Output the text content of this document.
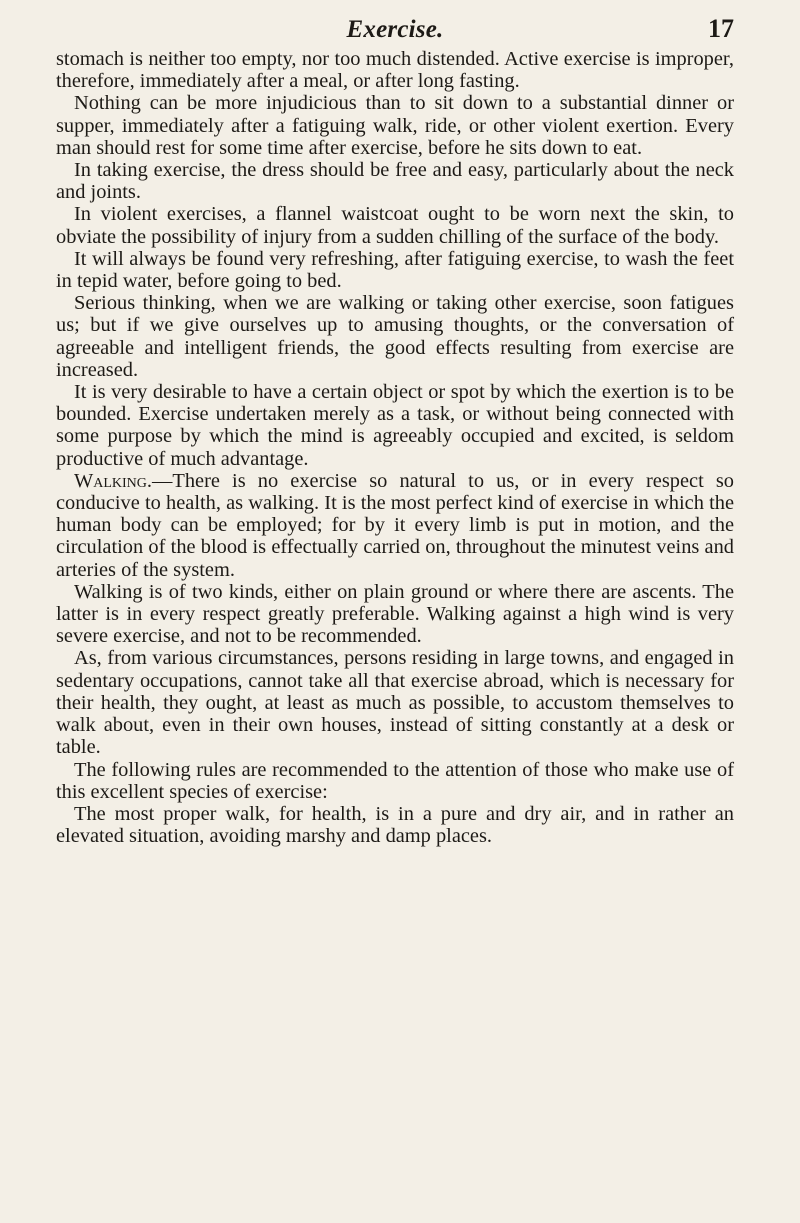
Exercise.	17

stomach is neither too empty, nor too much distended. Active exercise is improper, therefore, immediately after a meal, or after long fasting.

Nothing can be more injudicious than to sit down to a substantial dinner or supper, immediately after a fatiguing walk, ride, or other violent exertion. Every man should rest for some time after exercise, before he sits down to eat.

In taking exercise, the dress should be free and easy, particularly about the neck and joints.

In violent exercises, a flannel waistcoat ought to be worn next the skin, to obviate the possibility of injury from a sudden chilling of the surface of the body.

It will always be found very refreshing, after fatiguing exercise, to wash the feet in tepid water, before going to bed.

Serious thinking, when we are walking or taking other exercise, soon fatigues us; but if we give ourselves up to amusing thoughts, or the conversation of agreeable and intelligent friends, the good effects resulting from exercise are increased.

It is very desirable to have a certain object or spot by which the exertion is to be bounded. Exercise undertaken merely as a task, or without being connected with some purpose by which the mind is agreeably occupied and excited, is seldom productive of much advantage.

Walking.—There is no exercise so natural to us, or in every respect so conducive to health, as walking. It is the most perfect kind of exercise in which the human body can be employed; for by it every limb is put in motion, and the circulation of the blood is effectually carried on, throughout the minutest veins and arteries of the system.

Walking is of two kinds, either on plain ground or where there are ascents. The latter is in every respect greatly preferable. Walking against a high wind is very severe exercise, and not to be recommended.

As, from various circumstances, persons residing in large towns, and engaged in sedentary occupations, cannot take all that exercise abroad, which is necessary for their health, they ought, at least as much as possible, to accustom themselves to walk about, even in their own houses, instead of sitting constantly at a desk or table.

The following rules are recommended to the attention of those who make use of this excellent species of exercise:

The most proper walk, for health, is in a pure and dry air, and in rather an elevated situation, avoiding marshy and damp places.
